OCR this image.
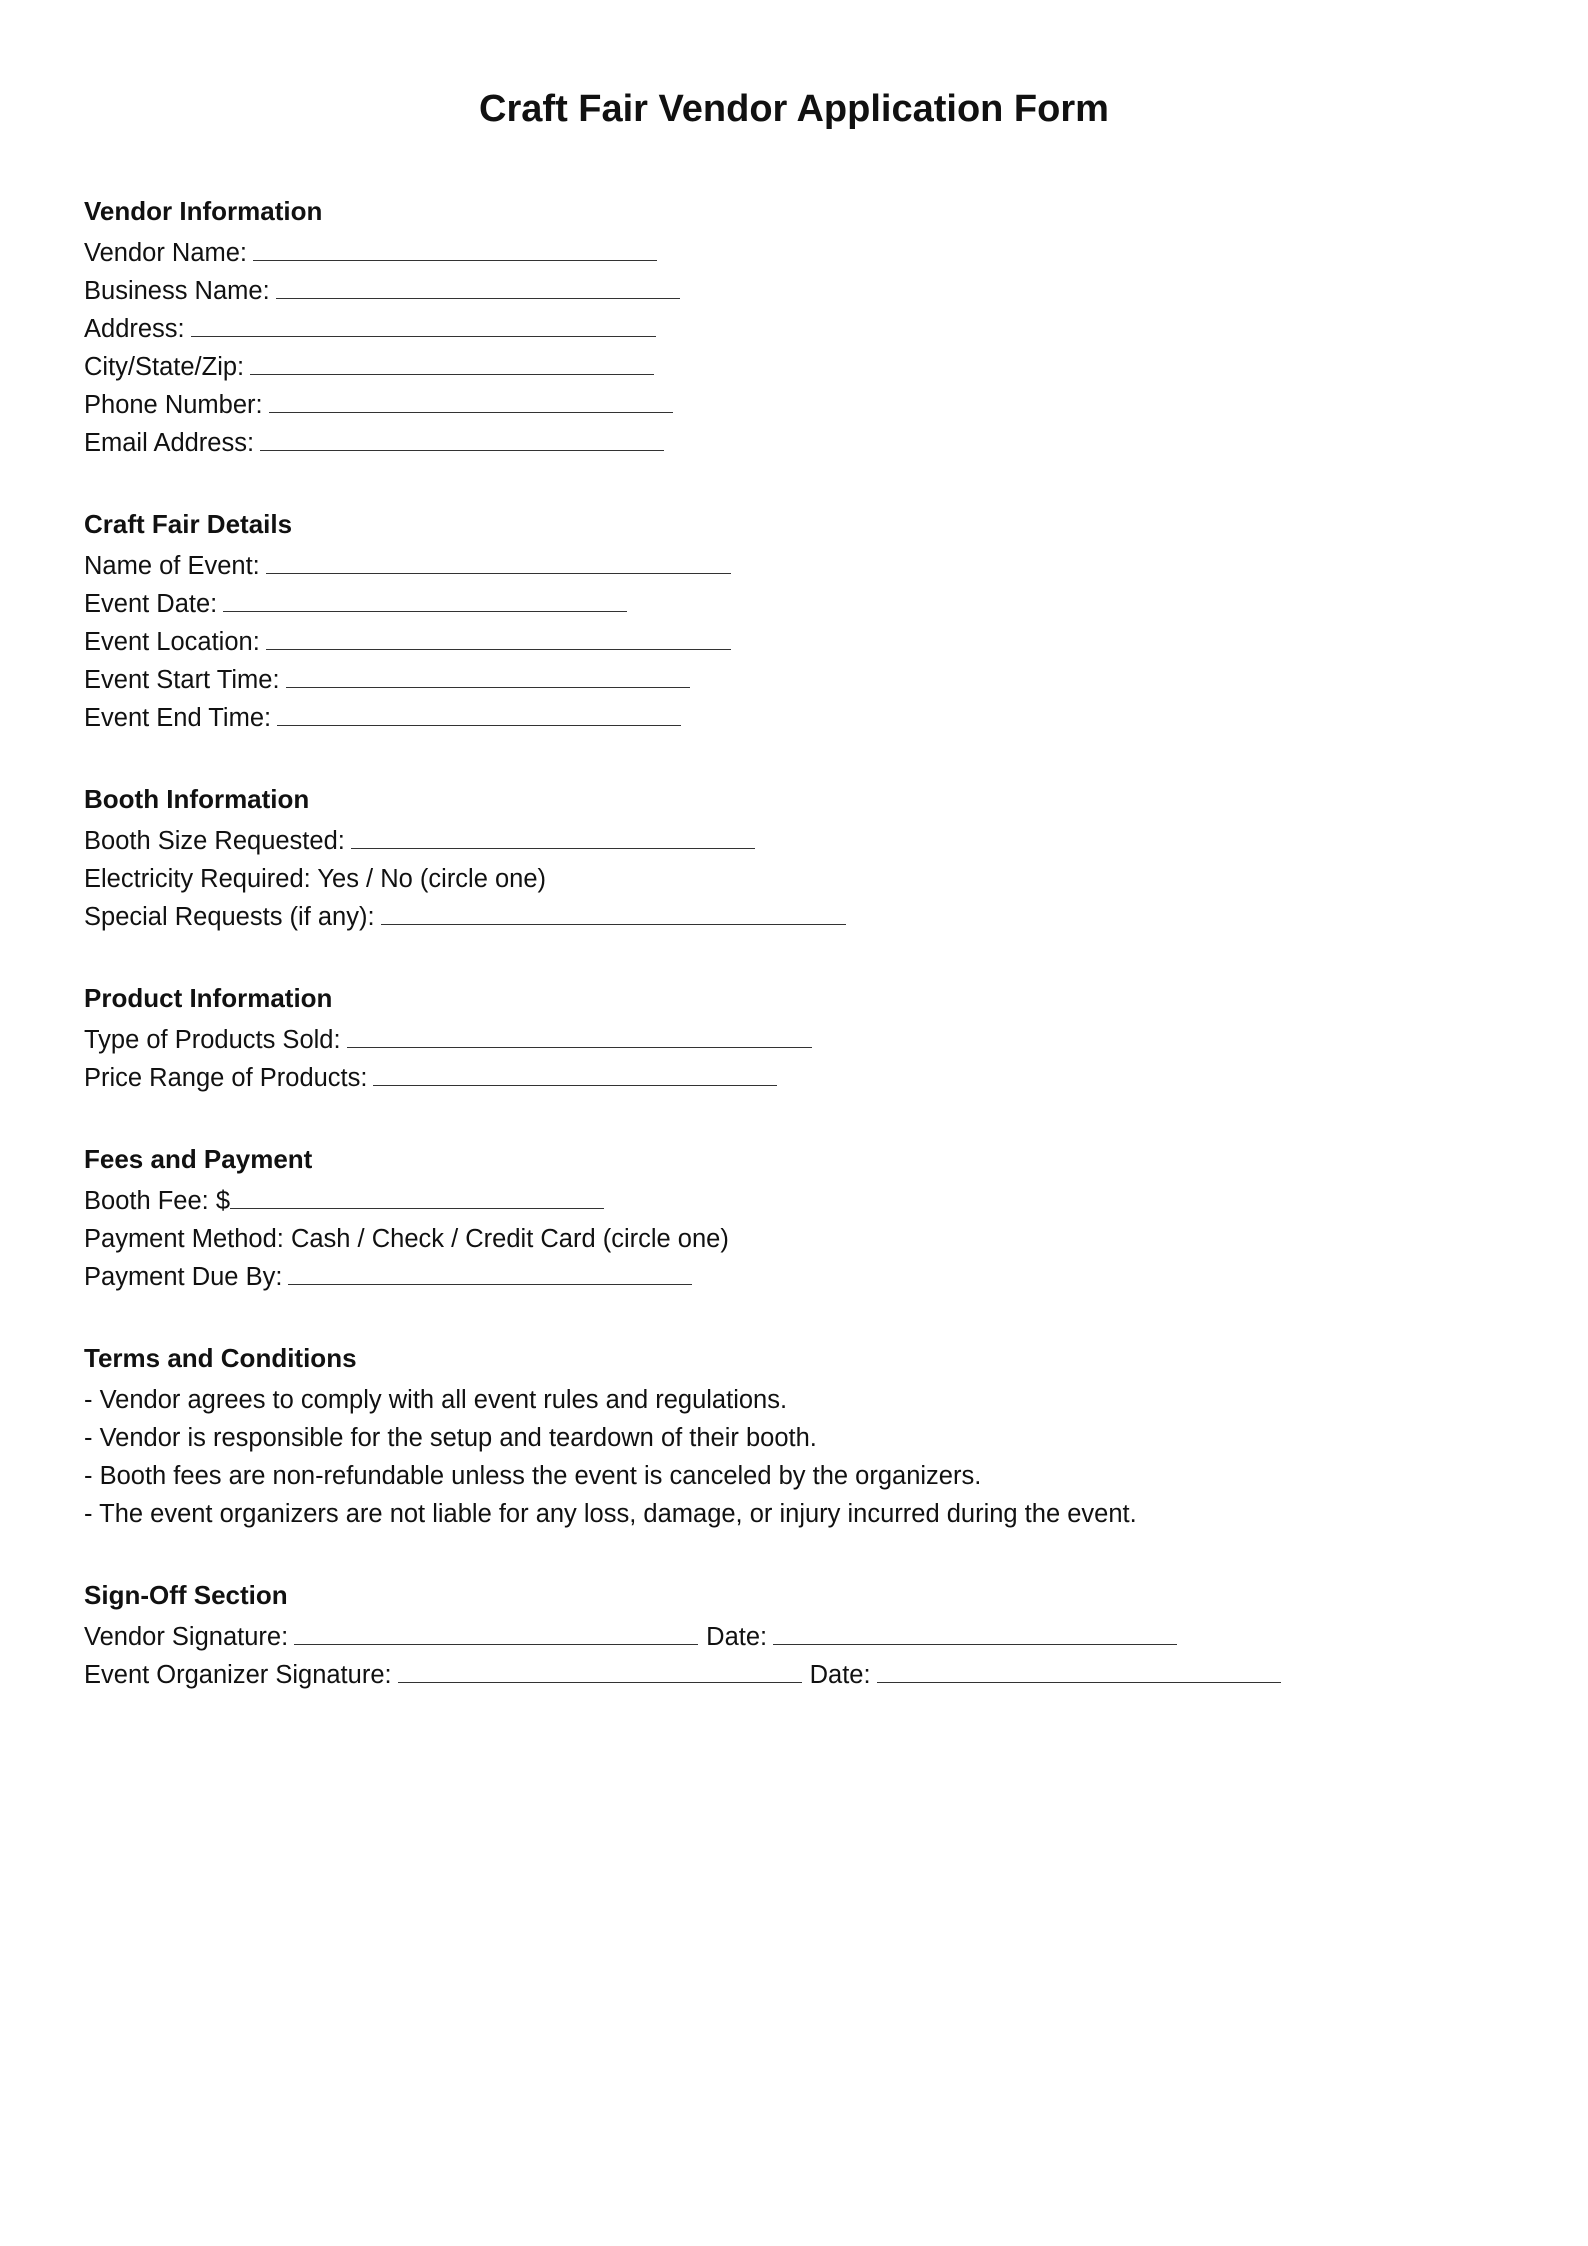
Craft Fair Vendor Application Form
Vendor Information
Vendor Name:
Business Name:
Address:
City/State/Zip:
Phone Number:
Email Address:
Craft Fair Details
Name of Event:
Event Date:
Event Location:
Event Start Time:
Event End Time:
Booth Information
Booth Size Requested:
Electricity Required: Yes / No (circle one)
Special Requests (if any):
Product Information
Type of Products Sold:
Price Range of Products:
Fees and Payment
Booth Fee: $
Payment Method: Cash / Check / Credit Card (circle one)
Payment Due By:
Terms and Conditions
- Vendor agrees to comply with all event rules and regulations.
- Vendor is responsible for the setup and teardown of their booth.
- Booth fees are non-refundable unless the event is canceled by the organizers.
- The event organizers are not liable for any loss, damage, or injury incurred during the event.
Sign-Off Section
Vendor Signature:	Date:
Event Organizer Signature:	Date:
